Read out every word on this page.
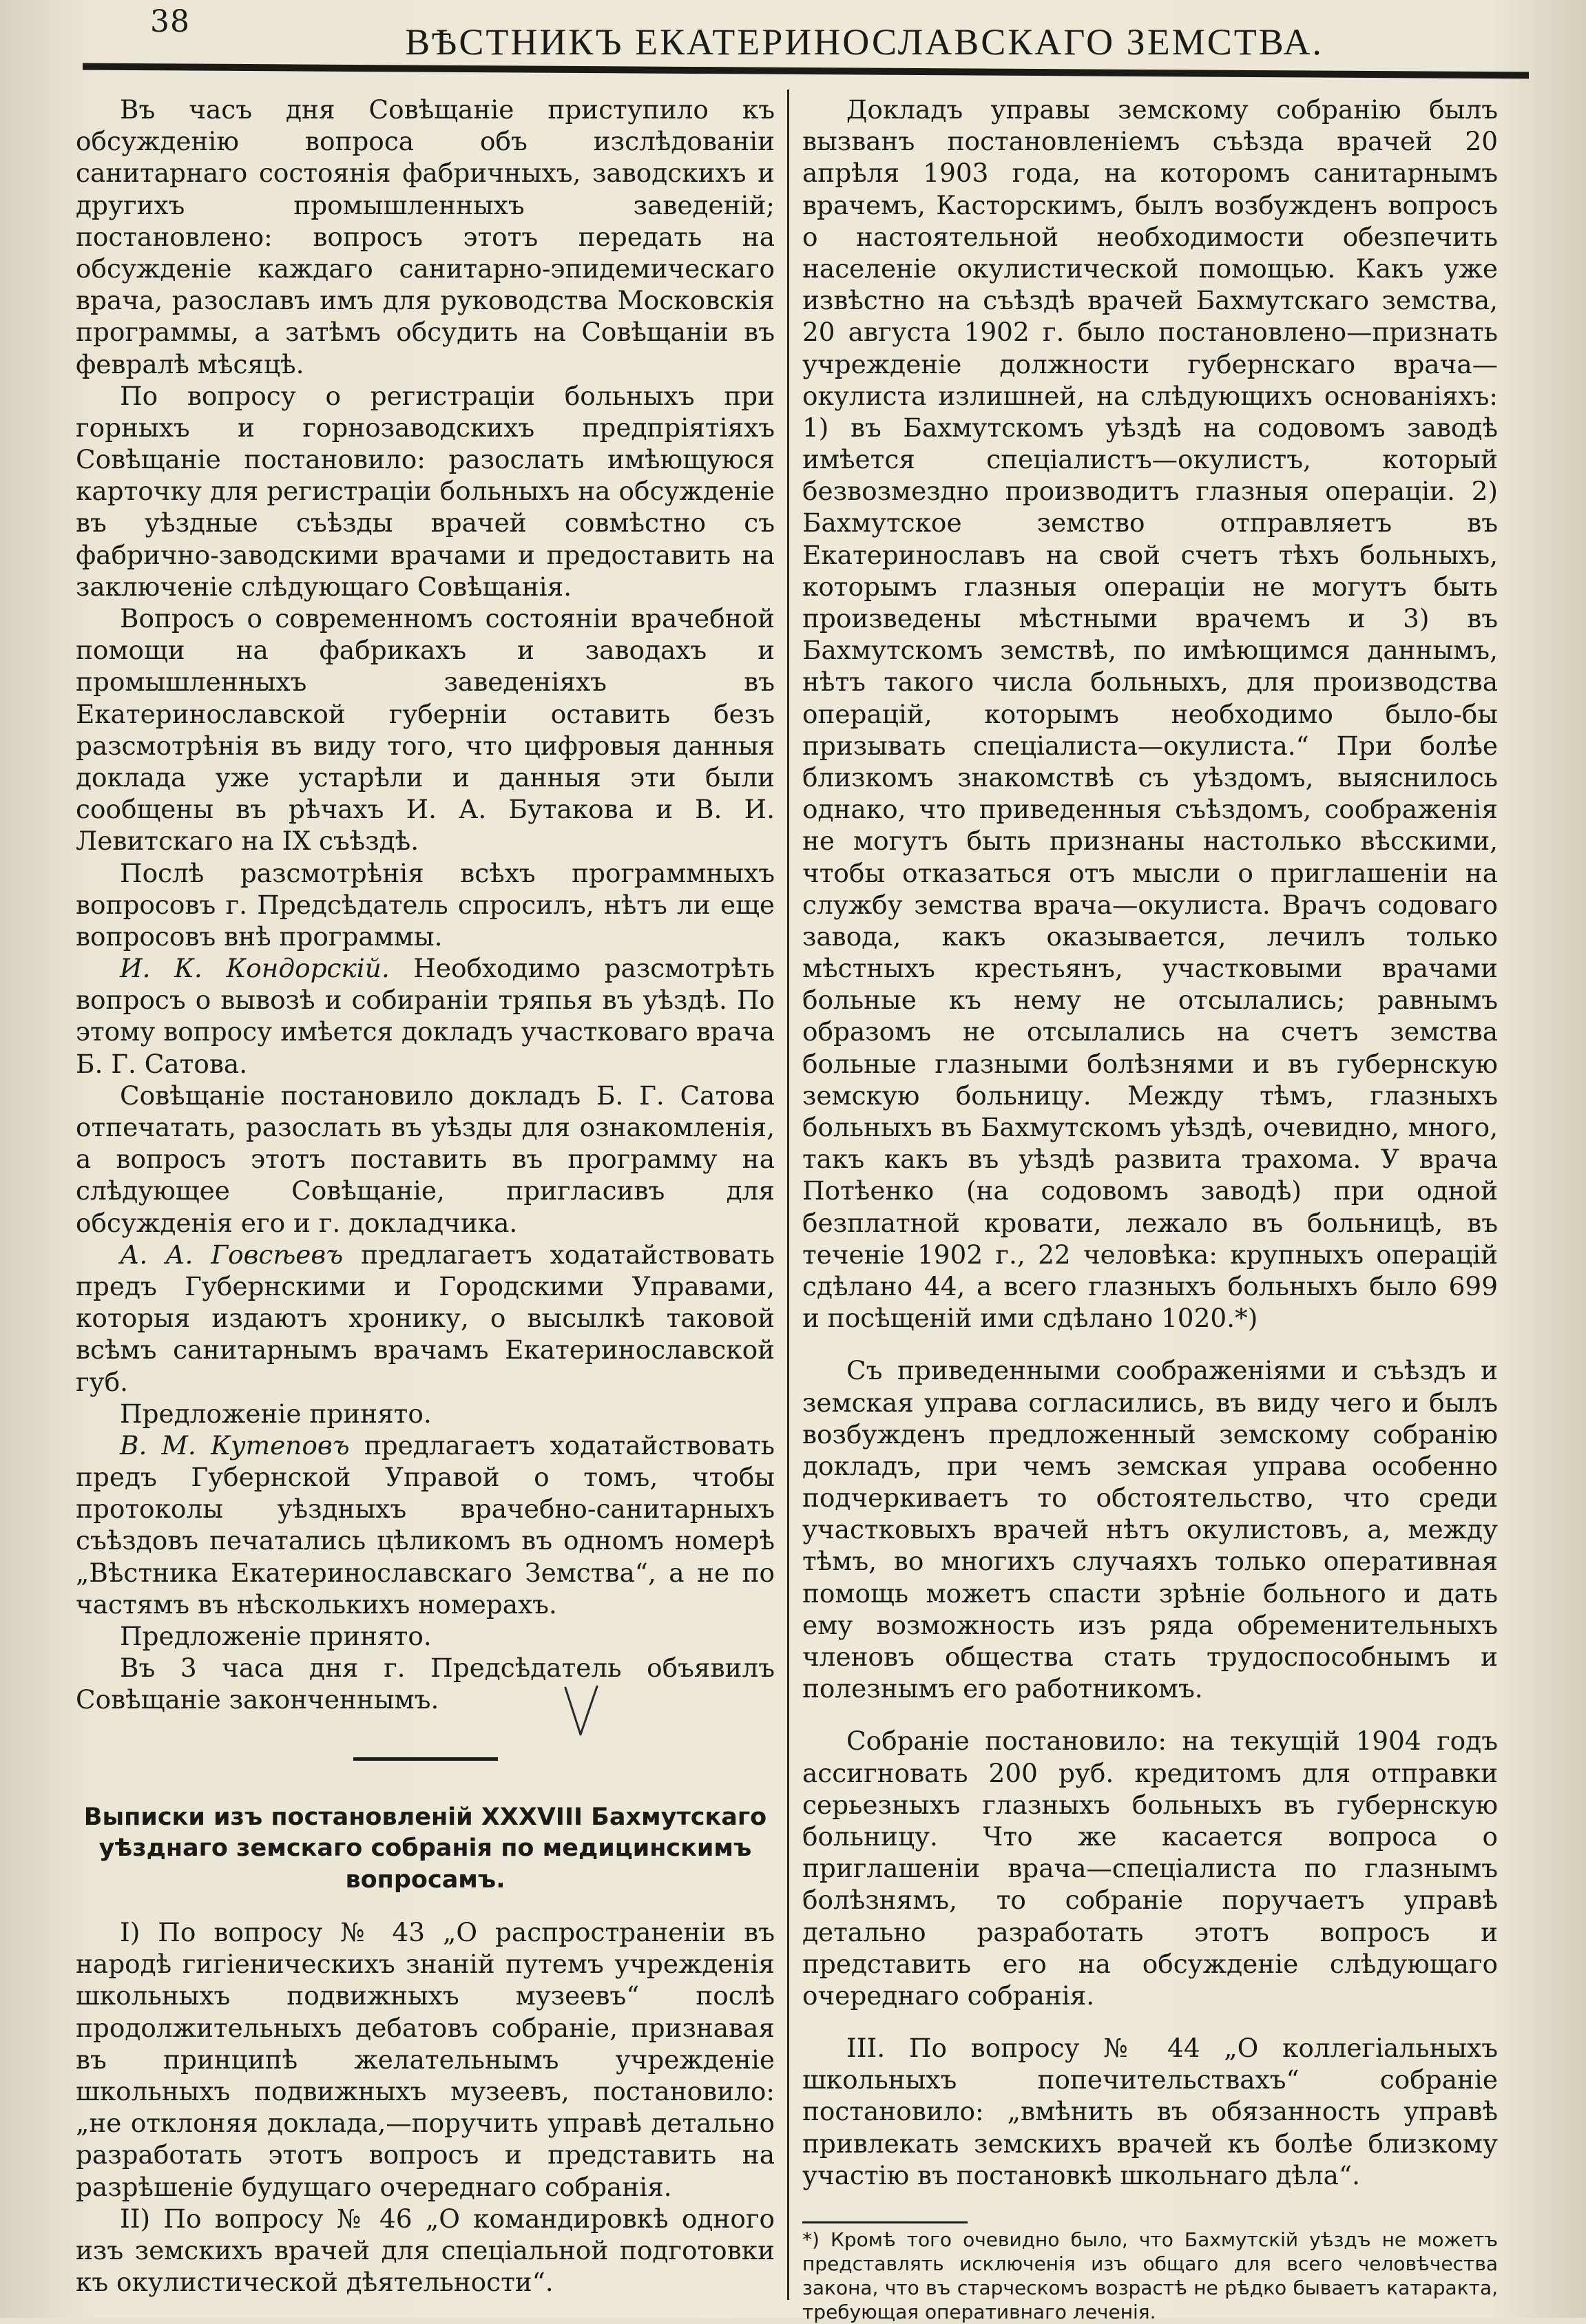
38	ВѢСТНИКЪ ЕКАТЕРИНОСЛАВСКАГО ЗЕМСТВА.

Въ часъ дня Совѣщаніе приступило къ обсужденію вопроса объ изслѣдованіи санитарнаго состоянія фабричныхъ, заводскихъ и другихъ промышленныхъ заведеній; постановлено: вопросъ этотъ передать на обсужденіе каждаго санитарно-эпидемическаго врача, разославъ имъ для руководства Московскія программы, а затѣмъ обсудить на Совѣщаніи въ февралѣ мѣсяцѣ.

По вопросу о регистраціи больныхъ при горныхъ и горнозаводскихъ предпріятіяхъ Совѣщаніе постановило: разослать имѣющуюся карточку для регистраціи больныхъ на обсужденіе въ уѣздные съѣзды врачей совмѣстно съ фабрично-заводскими врачами и предоставить на заключеніе слѣдующаго Совѣщанія.

Вопросъ о современномъ состояніи врачебной помощи на фабрикахъ и заводахъ и промышленныхъ заведеніяхъ въ Екатеринославской губерніи оставить безъ разсмотрѣнія въ виду того, что цифровыя данныя доклада уже устарѣли и данныя эти были сообщены въ рѣчахъ И. А. Бутакова и В. И. Левитскаго на IX съѣздѣ.

Послѣ разсмотрѣнія всѣхъ программныхъ вопросовъ г. Предсѣдатель спросилъ, нѣтъ ли еще вопросовъ внѣ программы.

И. К. Кондорскій. Необходимо разсмотрѣть вопросъ о вывозѣ и собираніи тряпья въ уѣздѣ. По этому вопросу имѣется докладъ участковаго врача Б. Г. Сатова.

Совѣщаніе постановило докладъ Б. Г. Сатова отпечатать, разослать въ уѣзды для ознакомленія, а вопросъ этотъ поставить въ программу на слѣдующее Совѣщаніе, пригласивъ для обсужденія его и г. докладчика.

А. А. Говсѣевъ предлагаетъ ходатайствовать предъ Губернскими и Городскими Управами, которыя издаютъ хронику, о высылкѣ таковой всѣмъ санитарнымъ врачамъ Екатеринославской губ.

Предложеніе принято.

В. М. Кутеповъ предлагаетъ ходатайствовать предъ Губернской Управой о томъ, чтобы протоколы уѣздныхъ врачебно-санитарныхъ съѣздовъ печатались цѣликомъ въ одномъ номерѣ „Вѣстника Екатеринославскаго Земства“, а не по частямъ въ нѣсколькихъ номерахъ.

Предложеніе принято.

Въ 3 часа дня г. Предсѣдатель объявилъ Совѣщаніе законченнымъ.

Выписки изъ постановленій XXXVIII Бахмутскаго уѣзднаго земскаго собранія по медицинскимъ вопросамъ.

I) По вопросу № 43 „О распространеніи въ народѣ гигіеническихъ знаній путемъ учрежденія школьныхъ подвижныхъ музеевъ“ послѣ продолжительныхъ дебатовъ собраніе, признавая въ принципѣ желательнымъ учрежденіе школьныхъ подвижныхъ музеевъ, постановило: „не отклоняя доклада,—поручить управѣ детально разработать этотъ вопросъ и представить на разрѣшеніе будущаго очереднаго собранія.

II) По вопросу № 46 „О командировкѣ одного изъ земскихъ врачей для спеціальной подготовки къ окулистической дѣятельности“.

Докладъ управы земскому собранію былъ вызванъ постановленіемъ съѣзда врачей 20 апрѣля 1903 года, на которомъ санитарнымъ врачемъ, Касторскимъ, былъ возбужденъ вопросъ о настоятельной необходимости обезпечить населеніе окулистической помощью. Какъ уже извѣстно на съѣздѣ врачей Бахмутскаго земства, 20 августа 1902 г. было постановлено—признать учрежденіе должности губернскаго врача—окулиста излишней, на слѣдующихъ основаніяхъ: 1) въ Бахмутскомъ уѣздѣ на содовомъ заводѣ имѣется спеціалистъ—окулистъ, который безвозмездно производитъ глазныя операціи. 2) Бахмутское земство отправляетъ въ Екатеринославъ на свой счетъ тѣхъ больныхъ, которымъ глазныя операціи не могутъ быть произведены мѣстными врачемъ и 3) въ Бахмутскомъ земствѣ, по имѣющимся даннымъ, нѣтъ такого числа больныхъ, для производства операцій, которымъ необходимо было-бы призывать спеціалиста—окулиста.“ При болѣе близкомъ знакомствѣ съ уѣздомъ, выяснилось однако, что приведенныя съѣздомъ, соображенія не могутъ быть признаны настолько вѣсскими, чтобы отказаться отъ мысли о приглашеніи на службу земства врача—окулиста. Врачъ содоваго завода, какъ оказывается, лечилъ только мѣстныхъ крестьянъ, участковыми врачами больные къ нему не отсылались; равнымъ образомъ не отсылались на счетъ земства больные глазными болѣзнями и въ губернскую земскую больницу. Между тѣмъ, глазныхъ больныхъ въ Бахмутскомъ уѣздѣ, очевидно, много, такъ какъ въ уѣздѣ развита трахома. У врача Потѣенко (на содовомъ заводѣ) при одной безплатной кровати, лежало въ больницѣ, въ теченіе 1902 г., 22 человѣка: крупныхъ операцій сдѣлано 44, а всего глазныхъ больныхъ было 699 и посѣщеній ими сдѣлано 1020.*)

Съ приведенными соображеніями и съѣздъ и земская управа согласились, въ виду чего и былъ возбужденъ предложенный земскому собранію докладъ, при чемъ земская управа особенно подчеркиваетъ то обстоятельство, что среди участковыхъ врачей нѣтъ окулистовъ, а, между тѣмъ, во многихъ случаяхъ только оперативная помощь можетъ спасти зрѣніе больного и дать ему возможность изъ ряда обременительныхъ членовъ общества стать трудоспособнымъ и полезнымъ его работникомъ.

Собраніе постановило: на текущій 1904 годъ ассигновать 200 руб. кредитомъ для отправки серьезныхъ глазныхъ больныхъ въ губернскую больницу. Что же касается вопроса о приглашеніи врача—спеціалиста по глазнымъ болѣзнямъ, то собраніе поручаетъ управѣ детально разработать этотъ вопросъ и представить его на обсужденіе слѣдующаго очереднаго собранія.

III. По вопросу № 44 „О коллегіальныхъ школьныхъ попечительствахъ“ собраніе постановило: „вмѣнить въ обязанность управѣ привлекать земскихъ врачей къ болѣе близкому участію въ постановкѣ школьнаго дѣла“.

*) Кромѣ того очевидно было, что Бахмутскій уѣздъ не можетъ представлять исключенія изъ общаго для всего человѣчества закона, что въ старческомъ возрастѣ не рѣдко бываетъ катаракта, требующая оперативнаго леченія.
